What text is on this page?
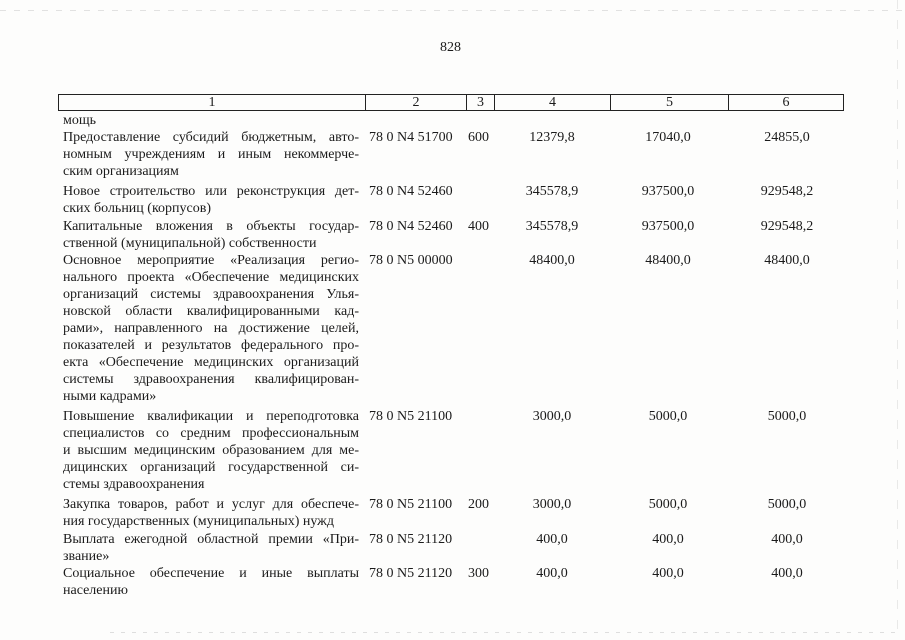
828
1	2	3	4	5	6
мощь
Предоставление субсидий бюджетным, авто-
номным учреждениям и иным некоммерче-
ским организациям
78 0 N4 51700 600	12379,8	17040,0	24855,0
Новое строительство или реконструкция дет-
ских больниц (корпусов)
78 0 N4 52460	345578,9	937500,0	929548,2
Капитальные вложения в объекты государ-
ственной (муниципальной) собственности
78 0 N4 52460 400	345578,9	937500,0	929548,2
Основное мероприятие «Реализация регио-
нального проекта «Обеспечение медицинских
организаций системы здравоохранения Улья-
новской области квалифицированными кад-
рами», направленного на достижение целей,
показателей и результатов федерального про-
екта «Обеспечение медицинских организаций
системы здравоохранения квалифицирован-
ными кадрами»
78 0 N5 00000	48400,0	48400,0	48400,0
Повышение квалификации и переподготовка
специалистов со средним профессиональным
и высшим медицинским образованием для ме-
дицинских организаций государственной си-
стемы здравоохранения
78 0 N5 21100	3000,0	5000,0	5000,0
Закупка товаров, работ и услуг для обеспече-
ния государственных (муниципальных) нужд
78 0 N5 21100 200	3000,0	5000,0	5000,0
Выплата ежегодной областной премии «При-
звание»
78 0 N5 21120	400,0	400,0	400,0
Социальное обеспечение и иные выплаты
населению
78 0 N5 21120 300	400,0	400,0	400,0
